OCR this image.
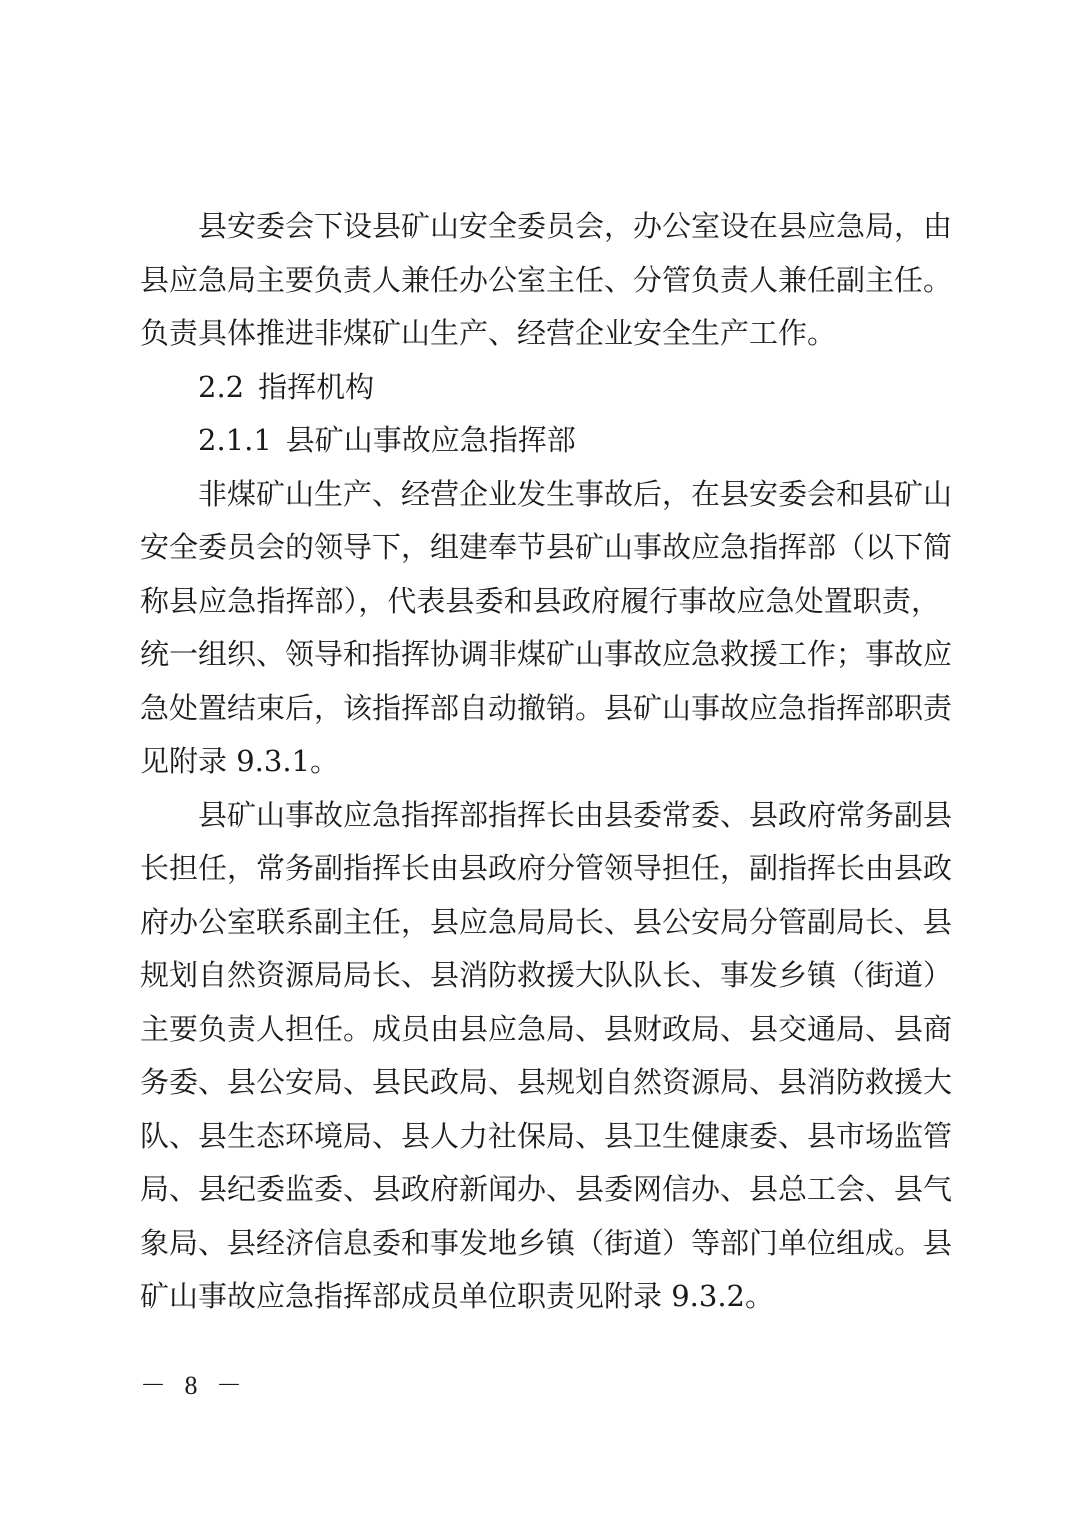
县安委会下设县矿山安全委员会，办公室设在县应急局，由
县应急局主要负责人兼任办公室主任、分管负责人兼任副主任。
负责具体推进非煤矿山生产、经营企业安全生产工作。
2.2 指挥机构
2.1.1 县矿山事故应急指挥部
非煤矿山生产、经营企业发生事故后，在县安委会和县矿山
安全委员会的领导下，组建奉节县矿山事故应急指挥部（以下简
称县应急指挥部），代表县委和县政府履行事故应急处置职责，
统一组织、领导和指挥协调非煤矿山事故应急救援工作；事故应
急处置结束后，该指挥部自动撤销。县矿山事故应急指挥部职责
见附录 9.3.1。
县矿山事故应急指挥部指挥长由县委常委、县政府常务副县
长担任，常务副指挥长由县政府分管领导担任，副指挥长由县政
府办公室联系副主任，县应急局局长、县公安局分管副局长、县
规划自然资源局局长、县消防救援大队队长、事发乡镇（街道）
主要负责人担任。成员由县应急局、县财政局、县交通局、县商
务委、县公安局、县民政局、县规划自然资源局、县消防救援大
队、县生态环境局、县人力社保局、县卫生健康委、县市场监管
局、县纪委监委、县政府新闻办、县委网信办、县总工会、县气
象局、县经济信息委和事发地乡镇（街道）等部门单位组成。县
矿山事故应急指挥部成员单位职责见附录 9.3.2。
－ 8 －
